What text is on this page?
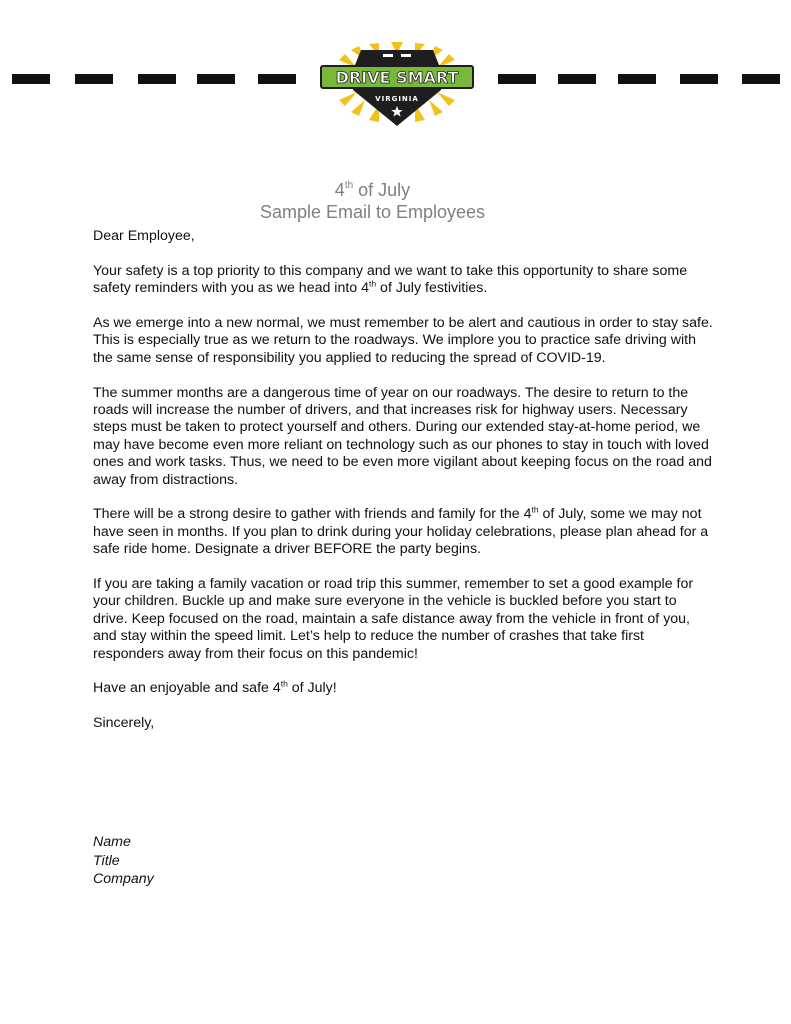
DRIVE SMART
VIRGINIA
4th of July
Sample Email to Employees

Dear Employee,

Your safety is a top priority to this company and we want to take this opportunity to share some safety reminders with you as we head into 4th of July festivities.

As we emerge into a new normal, we must remember to be alert and cautious in order to stay safe. This is especially true as we return to the roadways. We implore you to practice safe driving with the same sense of responsibility you applied to reducing the spread of COVID-19.

The summer months are a dangerous time of year on our roadways. The desire to return to the roads will increase the number of drivers, and that increases risk for highway users. Necessary steps must be taken to protect yourself and others. During our extended stay-at-home period, we may have become even more reliant on technology such as our phones to stay in touch with loved ones and work tasks. Thus, we need to be even more vigilant about keeping focus on the road and away from distractions.

There will be a strong desire to gather with friends and family for the 4th of July, some we may not have seen in months. If you plan to drink during your holiday celebrations, please plan ahead for a safe ride home. Designate a driver BEFORE the party begins.

If you are taking a family vacation or road trip this summer, remember to set a good example for your children. Buckle up and make sure everyone in the vehicle is buckled before you start to drive. Keep focused on the road, maintain a safe distance away from the vehicle in front of you, and stay within the speed limit. Let’s help to reduce the number of crashes that take first responders away from their focus on this pandemic!

Have an enjoyable and safe 4th of July!

Sincerely,

Name
Title
Company
